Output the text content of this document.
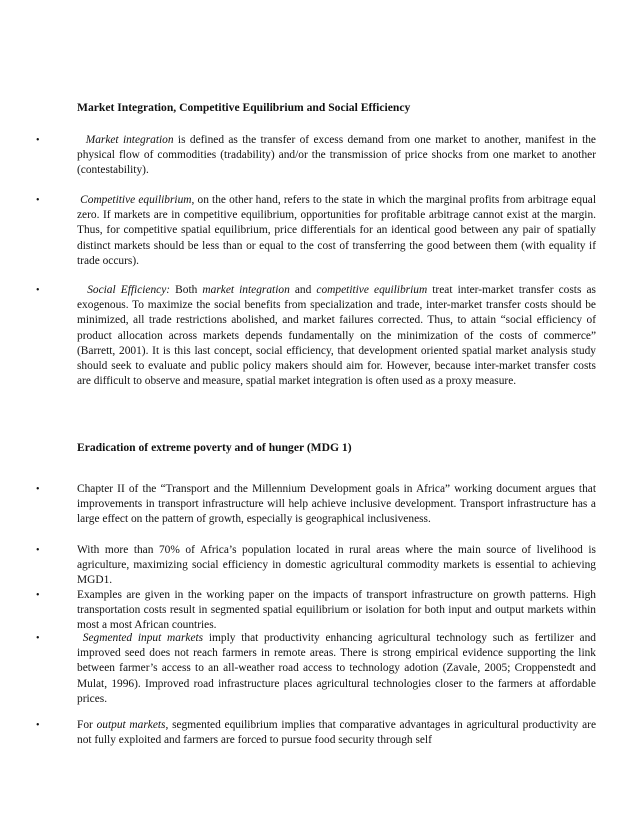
Market Integration, Competitive Equilibrium and Social Efficiency
•	Market integration is defined as the transfer of excess demand from one market to another, manifest in the physical flow of commodities (tradability) and/or the transmission of price shocks from one market to another (contestability).

•	Competitive equilibrium, on the other hand, refers to the state in which the marginal profits from arbitrage equal zero. If markets are in competitive equilibrium, opportunities for profitable arbitrage cannot exist at the margin. Thus, for competitive spatial equilibrium, price differentials for an identical good between any pair of spatially distinct markets should be less than or equal to the cost of transferring the good between them (with equality if trade occurs).

•	Social Efficiency: Both market integration and competitive equilibrium treat inter-market transfer costs as exogenous. To maximize the social benefits from specialization and trade, inter-market transfer costs should be minimized, all trade restrictions abolished, and market failures corrected. Thus, to attain “social efficiency of product allocation across markets depends fundamentally on the minimization of the costs of commerce” (Barrett, 2001). It is this last concept, social efficiency, that development oriented spatial market analysis study should seek to evaluate and public policy makers should aim for. However, because inter-market transfer costs are difficult to observe and measure, spatial market integration is often used as a proxy measure.

Eradication of extreme poverty and of hunger (MDG 1)
•	Chapter II of the “Transport and the Millennium Development goals in Africa” working document argues that improvements in transport infrastructure will help achieve inclusive development. Transport infrastructure has a large effect on the pattern of growth, especially is geographical inclusiveness.

•	With more than 70% of Africa’s population located in rural areas where the main source of livelihood is agriculture, maximizing social efficiency in domestic agricultural commodity markets is essential to achieving MGD1.

•	Examples are given in the working paper on the impacts of transport infrastructure on growth patterns. High transportation costs result in segmented spatial equilibrium or isolation for both input and output markets within most a most African countries.

•	Segmented input markets imply that productivity enhancing agricultural technology such as fertilizer and improved seed does not reach farmers in remote areas. There is strong empirical evidence supporting the link between farmer’s access to an all-weather road access to technology adotion (Zavale, 2005; Croppenstedt and Mulat, 1996). Improved road infrastructure places agricultural technologies closer to the farmers at affordable prices.

•	For output markets, segmented equilibrium implies that comparative advantages in agricultural productivity are not fully exploited and farmers are forced to pursue food security through self
